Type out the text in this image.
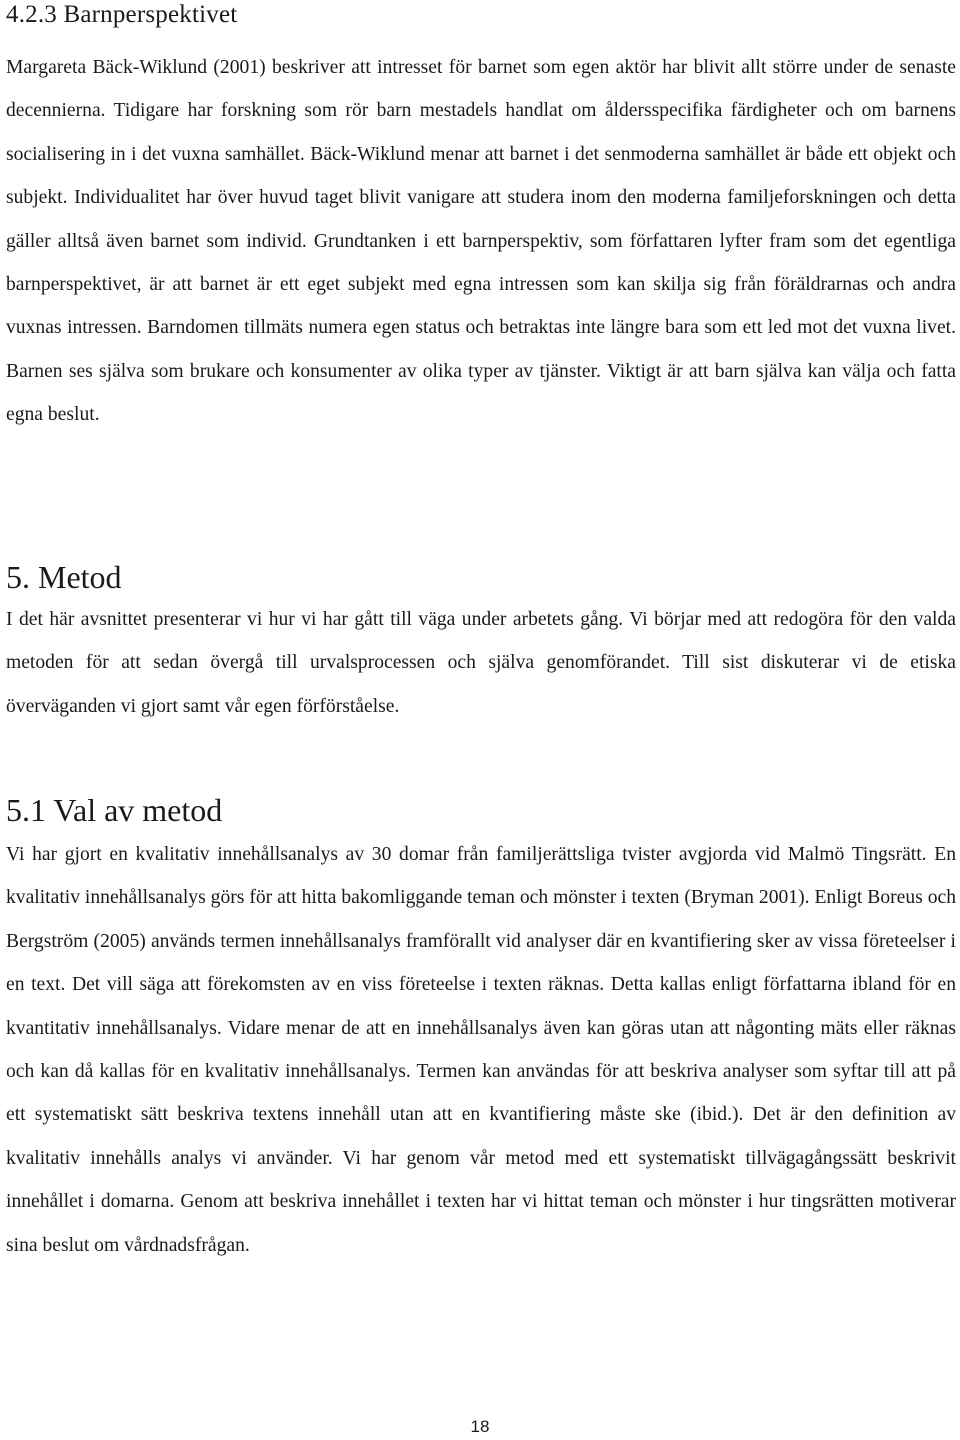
4.2.3 Barnperspektivet

Margareta Bäck-Wiklund (2001) beskriver att intresset för barnet som egen aktör har blivit allt större under de senaste decennierna. Tidigare har forskning som rör barn mestadels handlat om åldersspecifika färdigheter och om barnens socialisering in i det vuxna samhället. Bäck-Wiklund menar att barnet i det senmoderna samhället är både ett objekt och subjekt. Individualitet har över huvud taget blivit vanigare att studera inom den moderna familjeforskningen och detta gäller alltså även barnet som individ. Grundtanken i ett barnperspektiv, som författaren lyfter fram som det egentliga barnperspektivet, är att barnet är ett eget subjekt med egna intressen som kan skilja sig från föräldrarnas och andra vuxnas intressen. Barndomen tillmäts numera egen status och betraktas inte längre bara som ett led mot det vuxna livet. Barnen ses själva som brukare och konsumenter av olika typer av tjänster. Viktigt är att barn själva kan välja och fatta egna beslut.

5. Metod

I det här avsnittet presenterar vi hur vi har gått till väga under arbetets gång. Vi börjar med att redogöra för den valda metoden för att sedan övergå till urvalsprocessen och själva genomförandet. Till sist diskuterar vi de etiska överväganden vi gjort samt vår egen förförståelse.

5.1 Val av metod

Vi har gjort en kvalitativ innehållsanalys av 30 domar från familjerättsliga tvister avgjorda vid Malmö Tingsrätt. En kvalitativ innehållsanalys görs för att hitta bakomliggande teman och mönster i texten (Bryman 2001). Enligt Boreus och Bergström (2005) används termen innehållsanalys framförallt vid analyser där en kvantifiering sker av vissa företeelser i en text. Det vill säga att förekomsten av en viss företeelse i texten räknas. Detta kallas enligt författarna ibland för en kvantitativ innehållsanalys. Vidare menar de att en innehållsanalys även kan göras utan att någonting mäts eller räknas och kan då kallas för en kvalitativ innehållsanalys. Termen kan användas för att beskriva analyser som syftar till att på ett systematiskt sätt beskriva textens innehåll utan att en kvantifiering måste ske (ibid.). Det är den definition av kvalitativ innehålls analys vi använder. Vi har genom vår metod med ett systematiskt tillvägagångssätt beskrivit innehållet i domarna. Genom att beskriva innehållet i texten har vi hittat teman och mönster i hur tingsrätten motiverar sina beslut om vårdnadsfrågan.

18
